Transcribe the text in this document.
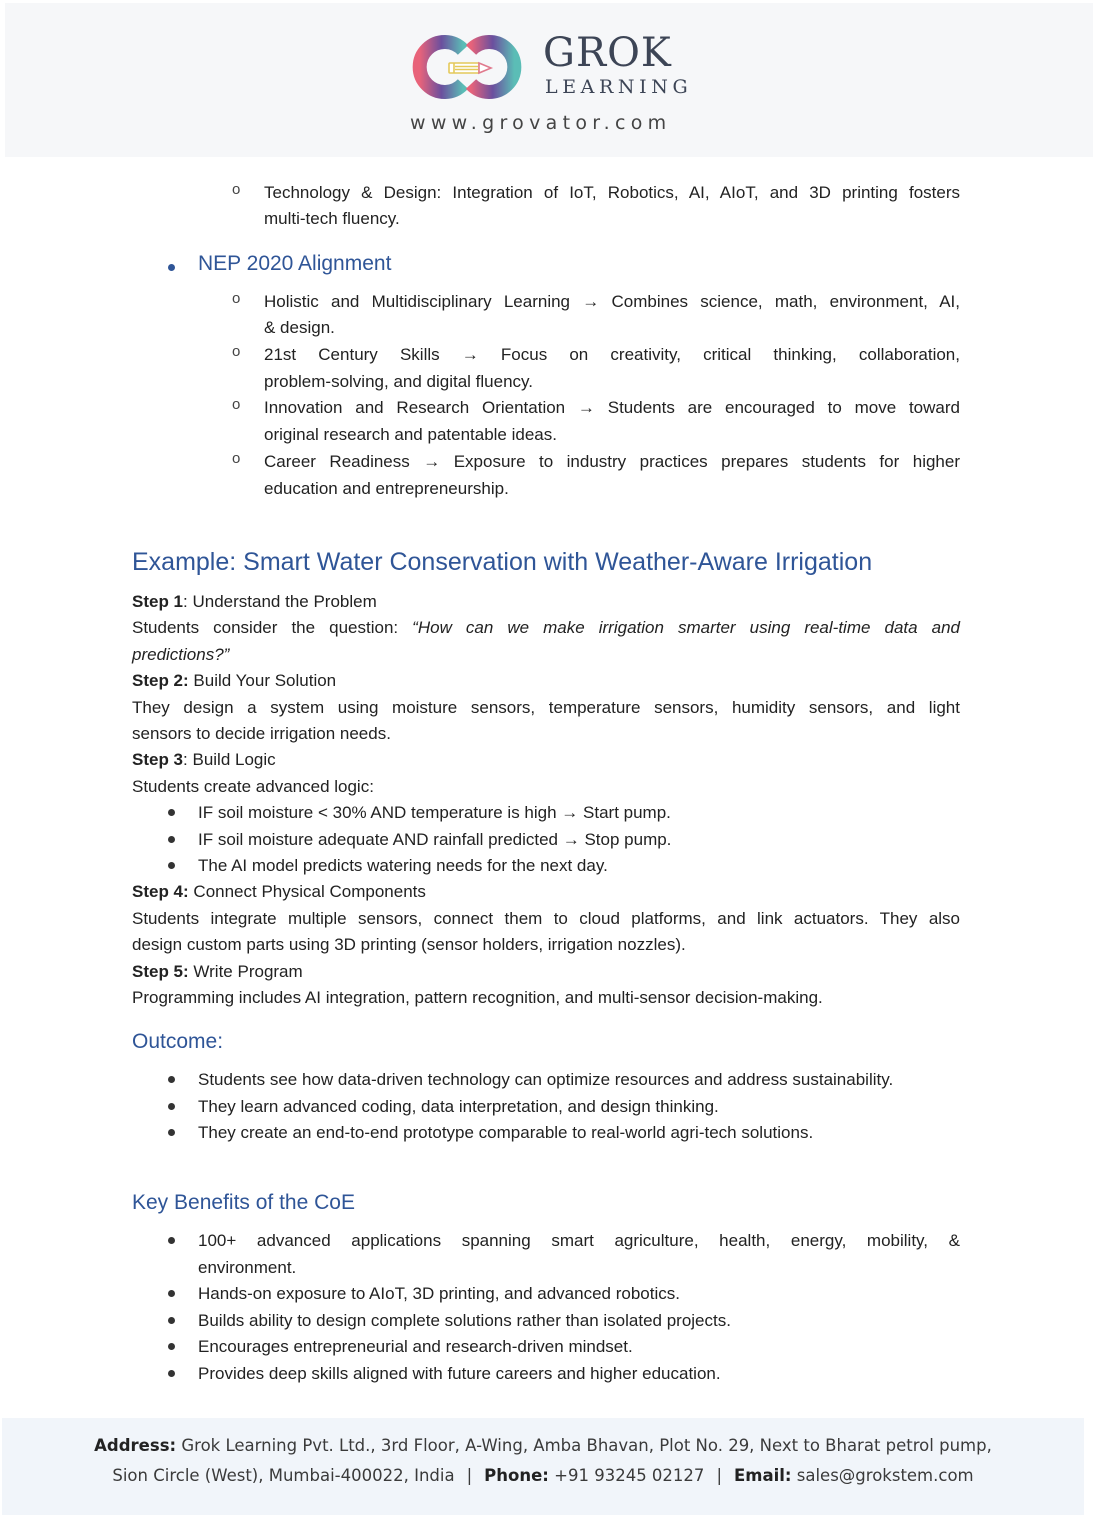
GROK
LEARNING
www.grovator.com
o Technology & Design: Integration of IoT, Robotics, AI, AIoT, and 3D printing fosters
multi-tech fluency.
NEP 2020 Alignment
o Holistic and Multidisciplinary Learning → Combines science, math, environment, AI,
& design.
o 21st Century Skills → Focus on creativity, critical thinking, collaboration,
problem-solving, and digital fluency.
o Innovation and Research Orientation → Students are encouraged to move toward
original research and patentable ideas.
o Career Readiness → Exposure to industry practices prepares students for higher
education and entrepreneurship.
Example: Smart Water Conservation with Weather-Aware Irrigation
Step 1: Understand the Problem
Students consider the question: “How can we make irrigation smarter using real-time data and
predictions?”
Step 2: Build Your Solution
They design a system using moisture sensors, temperature sensors, humidity sensors, and light
sensors to decide irrigation needs.
Step 3: Build Logic
Students create advanced logic:
IF soil moisture < 30% AND temperature is high → Start pump.
IF soil moisture adequate AND rainfall predicted → Stop pump.
The AI model predicts watering needs for the next day.
Step 4: Connect Physical Components
Students integrate multiple sensors, connect them to cloud platforms, and link actuators. They also
design custom parts using 3D printing (sensor holders, irrigation nozzles).
Step 5: Write Program
Programming includes AI integration, pattern recognition, and multi-sensor decision-making.
Outcome:
Students see how data-driven technology can optimize resources and address sustainability.
They learn advanced coding, data interpretation, and design thinking.
They create an end-to-end prototype comparable to real-world agri-tech solutions.
Key Benefits of the CoE
100+ advanced applications spanning smart agriculture, health, energy, mobility, &
environment.
Hands-on exposure to AIoT, 3D printing, and advanced robotics.
Builds ability to design complete solutions rather than isolated projects.
Encourages entrepreneurial and research-driven mindset.
Provides deep skills aligned with future careers and higher education.
Address: Grok Learning Pvt. Ltd., 3rd Floor, A-Wing, Amba Bhavan, Plot No. 29, Next to Bharat petrol pump,
Sion Circle (West), Mumbai-400022, India | Phone: +91 93245 02127 | Email: sales@grokstem.com
